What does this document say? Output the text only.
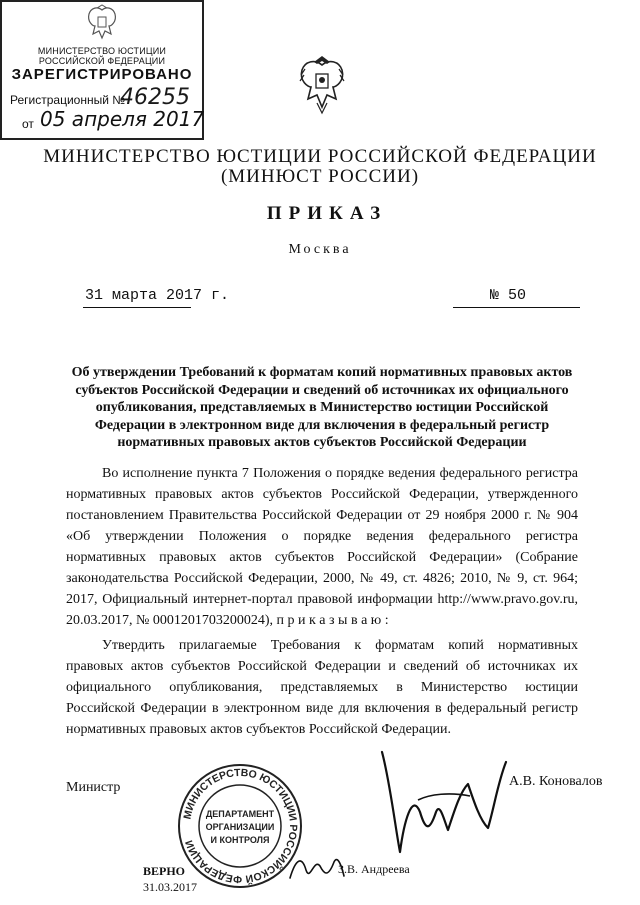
МИНИСТЕРСТВО ЮСТИЦИИ РОССИЙСКОЙ ФЕДЕРАЦИИ
ЗАРЕГИСТРИРОВАНО
Регистрационный №
46255
от 05 апреля 2017
МИНИСТЕРСТВО ЮСТИЦИИ РОССИЙСКОЙ ФЕДЕРАЦИИ
(МИНЮСТ РОССИИ)
ПРИКАЗ
Москва
31 марта 2017 г.	№ 50
Об утверждении Требований к форматам копий нормативных правовых актов субъектов Российской Федерации и сведений об источниках их официального опубликования, представляемых в Министерство юстиции Российской Федерации в электронном виде для включения в федеральный регистр нормативных правовых актов субъектов Российской Федерации
Во исполнение пункта 7 Положения о порядке ведения федерального регистра
нормативных правовых актов субъектов Российской Федерации, утвержденного
постановлением Правительства Российской Федерации от 29 ноября 2000 г. № 904
«Об утверждении Положения о порядке ведения федерального регистра
нормативных правовых актов субъектов Российской Федерации» (Собрание
законодательства Российской Федерации, 2000, № 49, ст. 4826; 2010, № 9, ст. 964;
2017, Официальный интернет-портал правовой информации http://www.pravo.gov.ru,
20.03.2017, № 0001201703200024), п р и к а з ы в а ю :
Утвердить прилагаемые Требования к форматам копий нормативных
правовых актов субъектов Российской Федерации и сведений об источниках их
официального опубликования, представляемых в Министерство юстиции
Российской Федерации в электронном виде для включения в федеральный регистр
нормативных правовых актов субъектов Российской Федерации.
Министр	А.В. Коновалов
МИНИСТЕРСТВО ЮСТИЦИИ РОССИЙСКОЙ ФЕДЕРАЦИИ
ДЕПАРТАМЕНТ
ОРГАНИЗАЦИИ
И КОНТРОЛЯ
ВЕРНО
31.03.2017
З.В. Андреева
